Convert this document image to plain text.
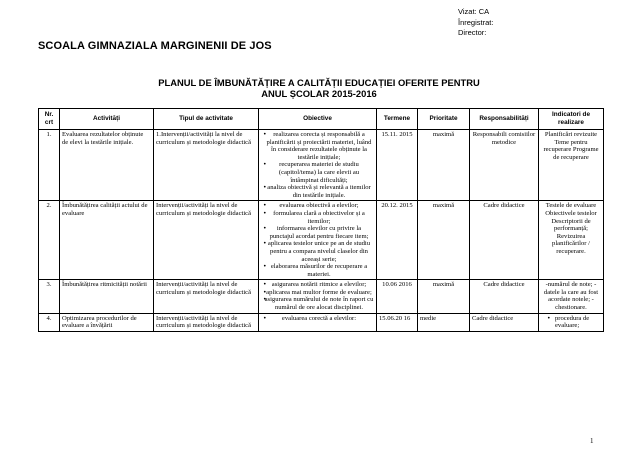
SCOALA GIMNAZIALA MARGINENII DE JOS
Vizat: CA
Înregistrat:
Director:
PLANUL DE ÎMBUNĂTĂȚIRE A CALITĂȚII EDUCAȚIEI OFERITE PENTRU
ANUL ȘCOLAR 2015-2016
Nr. crt	Activități	Tipul de activitate	Obiective	Termene	Prioritate	Responsabilități	Indicatori de realizare
1.	Evaluarea rezultatelor obținute de elevi la testările inițiale.	1.Intervenții/activități la nivel de curriculum și metodologie didactică	• realizarea corecta și responsabilă a planificării și proiectării materiei, luând în considerare rezultatele obținute la testările inițiale;
• recuperarea materiei de studiu (capitol/tema) la care elevii au întâmpinat dificultăți;
• analiza obiectivă și relevantă a itemilor din testările inițiale.	15.11. 2015	maximă	Responsabili comisiilor metodice	Planificări revizuite Teme pentru recuperare Programe de recuperare
2.	Îmbunătățirea calității actului de evaluare	Intervenții/activități la nivel de curriculum și metodologie didactică	• evaluarea obiectivă a elevilor;
• formularea clară a obiectivelor și a itemilor;
• informarea elevilor cu privire la punctajul acordat pentru fiecare item;
• aplicarea testelor unice pe an de studiu pentru a compara nivelul claselor din aceeași serie;
• elaborarea măsurilor de recuperare a materiei.	20.12. 2015	maximă	Cadre didactice	Testele de evaluare Obiectivele testelor Descriptorii de performanță; Revizuirea planificărilor / recuperare.
3.	Îmbunătățirea ritmicității notării	Intervenții/activități la nivel de curriculum și metodologie didactică	• asigurarea notării ritmice a elevilor;
• aplicarea mai multor forme de evaluare;
• asigurarea numărului de note în raport cu numărul de ore alocat disciplinei.	10.06 2016	maximă	Cadre didactice	-numărul de note; -datele la care au fost acordate notele; -chestionare.
4.	Optimizarea procedurilor de evaluare a învățării	Intervenții/activități la nivel de curriculum și metodologie didactică	• evaluarea corectă a elevilor:	15.06.20 16	medie	Cadre didactice	• procedura de evaluare;
1
